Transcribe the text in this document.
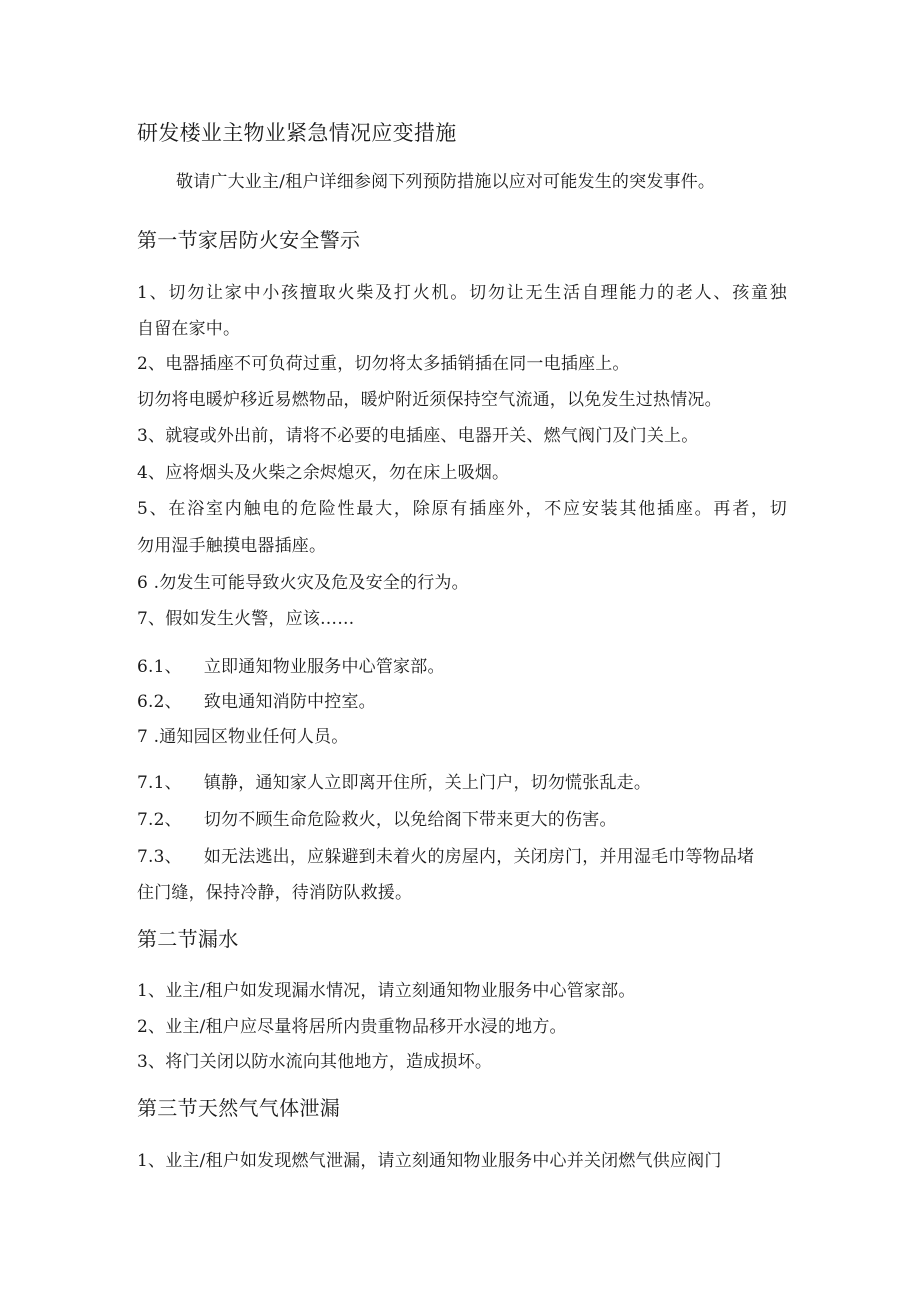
研发楼业主物业紧急情况应变措施
敬请广大业主/租户详细参阅下列预防措施以应对可能发生的突发事件。
第一节家居防火安全警示
1、切勿让家中小孩擅取火柴及打火机。切勿让无生活自理能力的老人、孩童独
自留在家中。
2、电器插座不可负荷过重，切勿将太多插销插在同一电插座上。
切勿将电暖炉移近易燃物品，暖炉附近须保持空气流通，以免发生过热情况。
3、就寝或外出前，请将不必要的电插座、电器开关、燃气阀门及门关上。
4、应将烟头及火柴之余烬熄灭，勿在床上吸烟。
5、在浴室内触电的危险性最大，除原有插座外，不应安装其他插座。再者，切
勿用湿手触摸电器插座。
6 .勿发生可能导致火灾及危及安全的行为。
7、假如发生火警，应该……
6.1、 立即通知物业服务中心管家部。
6.2、 致电通知消防中控室。
7 .通知园区物业任何人员。
7.1、 镇静，通知家人立即离开住所，关上门户，切勿慌张乱走。
7.2、 切勿不顾生命危险救火，以免给阁下带来更大的伤害。
7.3、 如无法逃出，应躲避到未着火的房屋内，关闭房门，并用湿毛巾等物品堵
住门缝，保持冷静，待消防队救援。
第二节漏水
1、业主/租户如发现漏水情况，请立刻通知物业服务中心管家部。
2、业主/租户应尽量将居所内贵重物品移开水浸的地方。
3、将门关闭以防水流向其他地方，造成损坏。
第三节天然气气体泄漏
1、业主/租户如发现燃气泄漏，请立刻通知物业服务中心并关闭燃气供应阀门
